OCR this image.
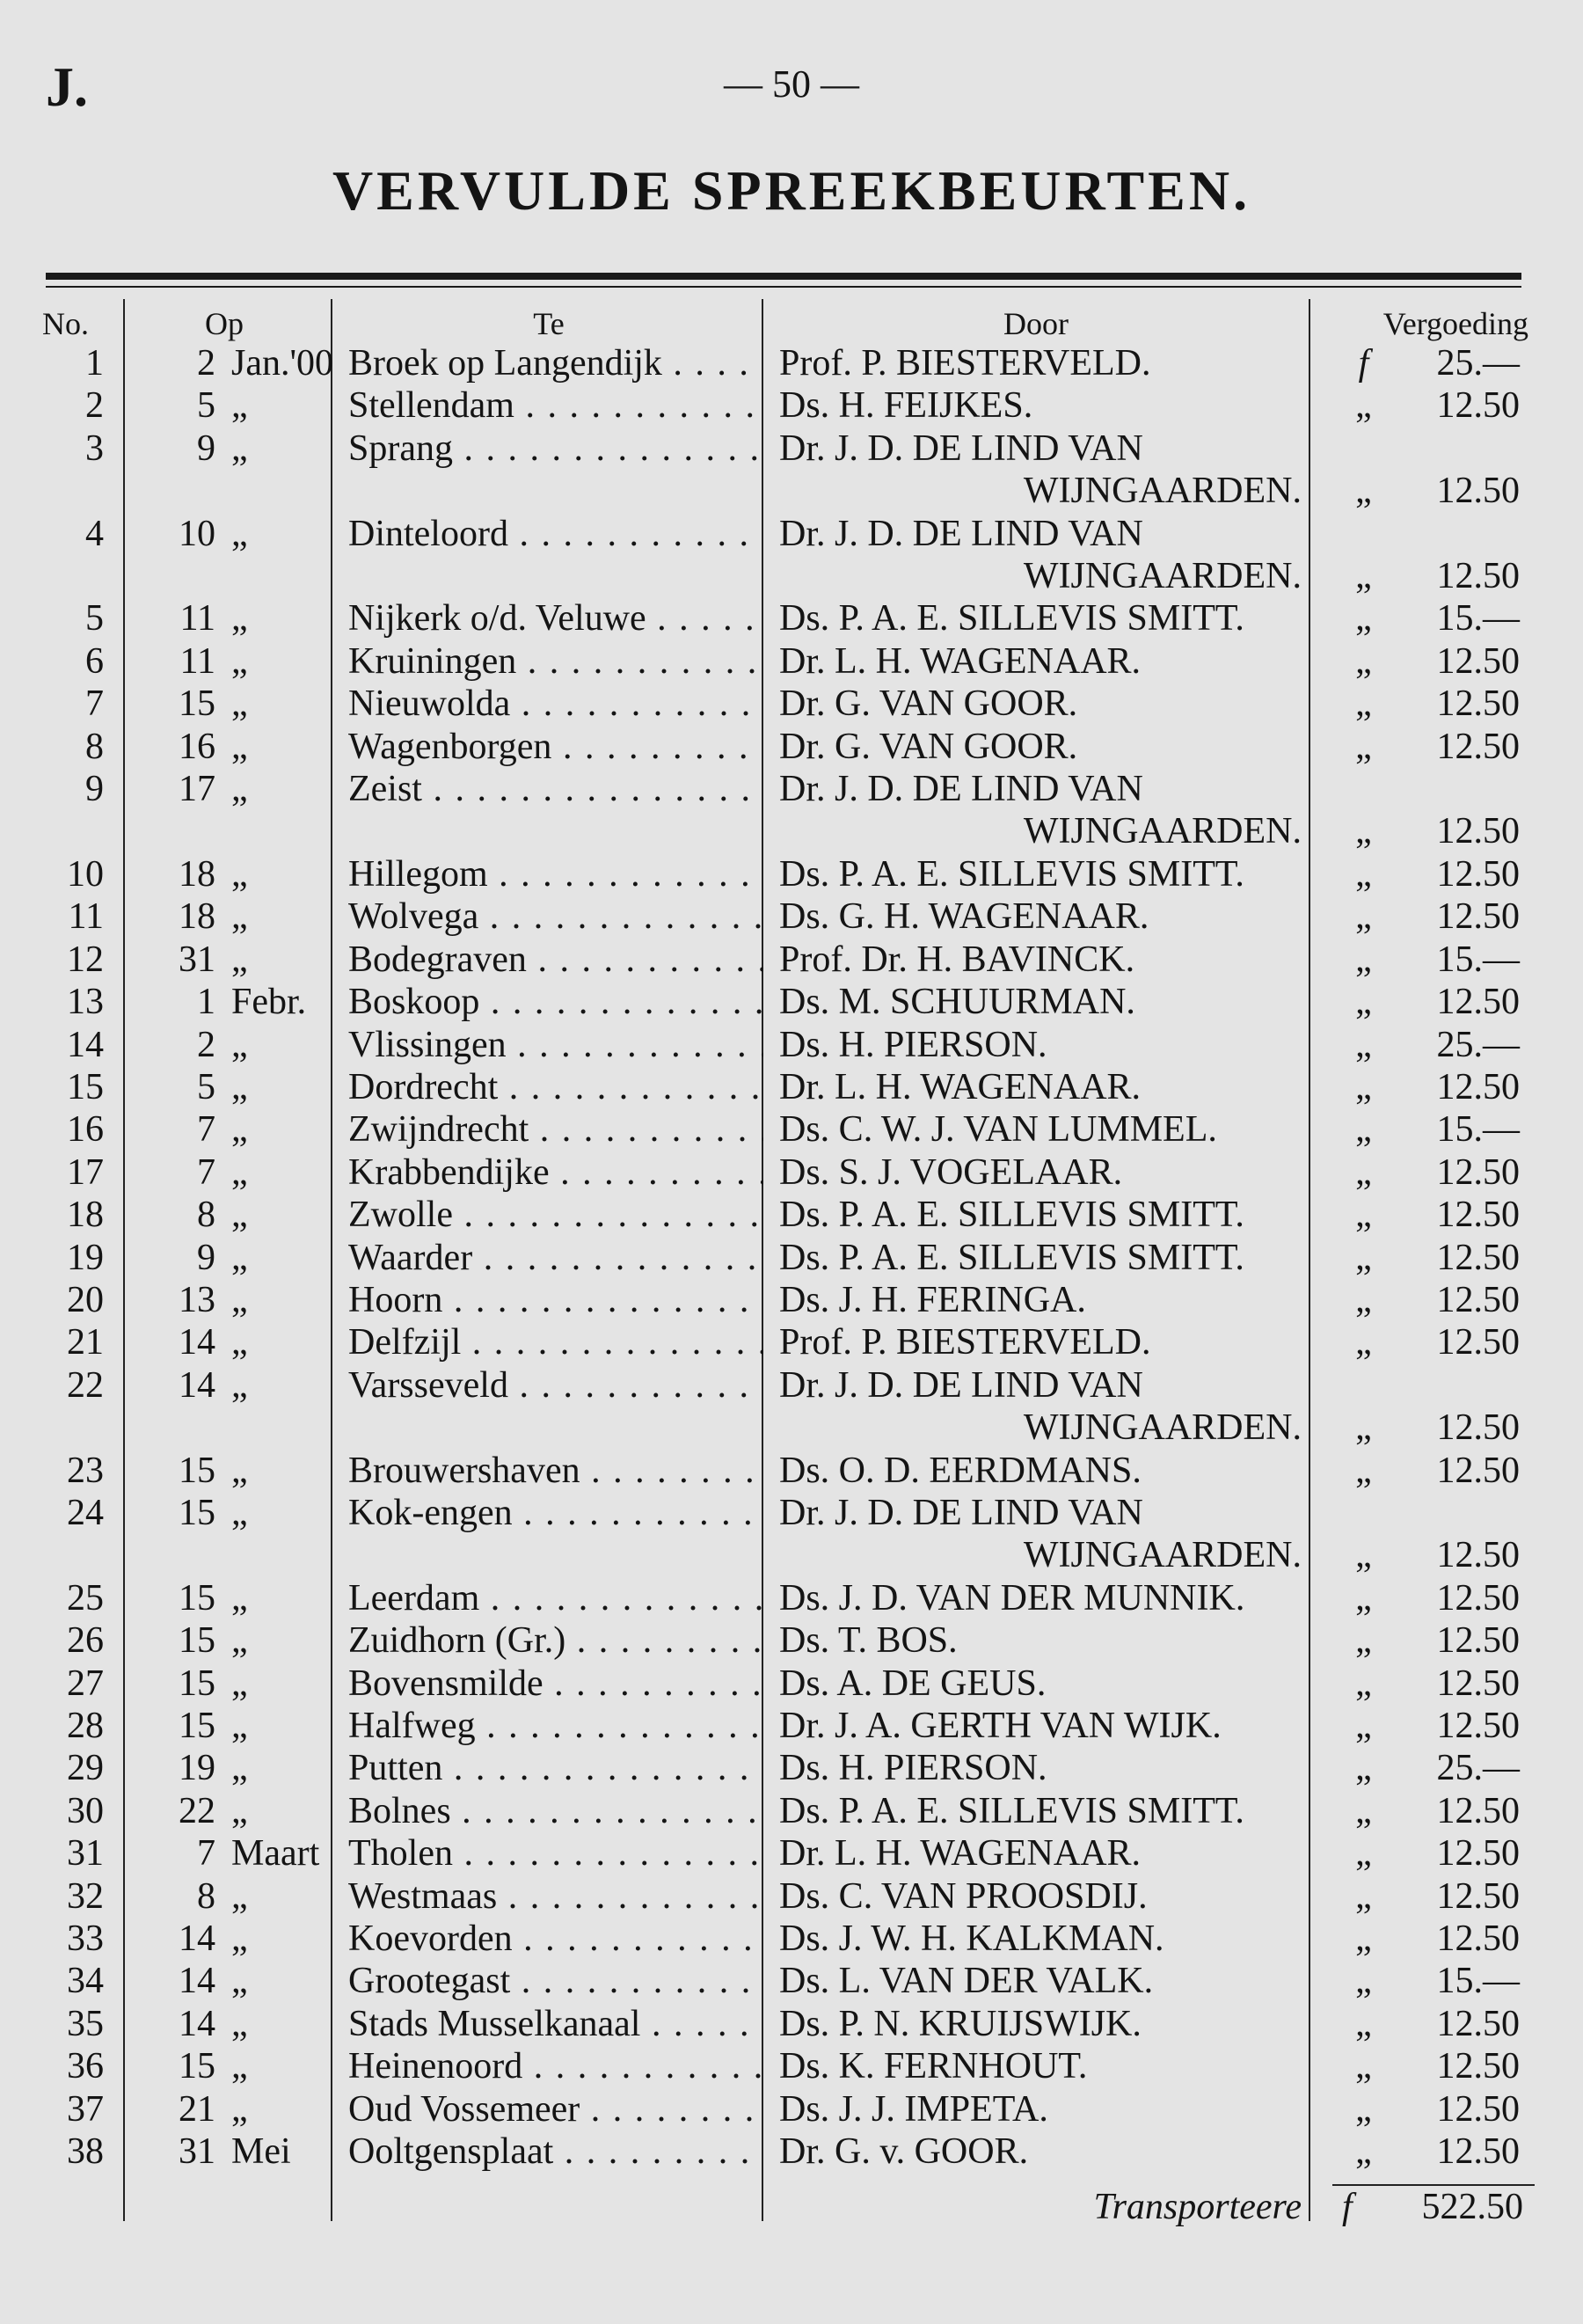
J.	— 50 —
VERVULDE SPREEKBEURTEN.
No.	Op		Te	Door	Vergoeding	
1	2	Jan.'00	Broek op Langendijk . . .	Prof. P. BIESTERVELD.	f	25.—

2	5	„	Stellendam . . .	Ds. H. FEIJKES.	„	12.50

3	9	„	Sprang . . .	Dr. J. D. DE LIND VAN
WIJNGAARDEN.	„	12.50

4	10	„	Dinteloord . . .	Dr. J. D. DE LIND VAN
WIJNGAARDEN.	„	12.50

5	11	„	Nijkerk o/d. Veluwe . . .	Ds. P. A. E. SILLEVIS SMITT.	„	15.—

6	11	„	Kruiningen . . .	Dr. L. H. WAGENAAR.	„	12.50

7	15	„	Nieuwolda . . .	Dr. G. VAN GOOR.	„	12.50

8	16	„	Wagenborgen . . .	Dr. G. VAN GOOR.	„	12.50

9	17	„	Zeist . . .	Dr. J. D. DE LIND VAN
WIJNGAARDEN.	„	12.50

10	18	„	Hillegom . . .	Ds. P. A. E. SILLEVIS SMITT.	„	12.50

11	18	„	Wolvega . . .	Ds. G. H. WAGENAAR.	„	12.50

12	31	„	Bodegraven . . .	Prof. Dr. H. BAVINCK.	„	15.—

13	1	Febr.	Boskoop . . .	Ds. M. SCHUURMAN.	„	12.50

14	2	„	Vlissingen . . .	Ds. H. PIERSON.	„	25.—

15	5	„	Dordrecht . . .	Dr. L. H. WAGENAAR.	„	12.50

16	7	„	Zwijndrecht . . .	Ds. C. W. J. VAN LUMMEL.	„	15.—

17	7	„	Krabbendijke . . .	Ds. S. J. VOGELAAR.	„	12.50

18	8	„	Zwolle . . .	Ds. P. A. E. SILLEVIS SMITT.	„	12.50

19	9	„	Waarder . . .	Ds. P. A. E. SILLEVIS SMITT.	„	12.50

20	13	„	Hoorn . . .	Ds. J. H. FERINGA.	„	12.50

21	14	„	Delfzijl . . .	Prof. P. BIESTERVELD.	„	12.50

22	14	„	Varsseveld . . .	Dr. J. D. DE LIND VAN
WIJNGAARDEN.	„	12.50

23	15	„	Brouwershaven . . .	Ds. O. D. EERDMANS.	„	12.50

24	15	„	Kok-engen . . .	Dr. J. D. DE LIND VAN
WIJNGAARDEN.	„	12.50

25	15	„	Leerdam . . .	Ds. J. D. VAN DER MUNNIK.	„	12.50

26	15	„	Zuidhorn (Gr.) . . .	Ds. T. BOS.	„	12.50

27	15	„	Bovensmilde . . .	Ds. A. DE GEUS.	„	12.50

28	15	„	Halfweg . . .	Dr. J. A. GERTH VAN WIJK.	„	12.50

29	19	„	Putten . . .	Ds. H. PIERSON.	„	25.—

30	22	„	Bolnes . . .	Ds. P. A. E. SILLEVIS SMITT.	„	12.50

31	7	Maart	Tholen . . .	Dr. L. H. WAGENAAR.	„	12.50

32	8	„	Westmaas . . .	Ds. C. VAN PROOSDIJ.	„	12.50

33	14	„	Koevorden . . .	Ds. J. W. H. KALKMAN.	„	12.50

34	14	„	Grootegast . . .	Ds. L. VAN DER VALK.	„	15.—

35	14	„	Stads Musselkanaal . . .	Ds. P. N. KRUIJSWIJK.	„	12.50

36	15	„	Heinenoord . . .	Ds. K. FERNHOUT.	„	12.50

37	21	„	Oud Vossemeer . . .	Ds. J. J. IMPETA.	„	12.50

38	31	Mei	Ooltgensplaat . . .	Dr. G. v. GOOR.	„	12.50
Transporteere f	522.50
